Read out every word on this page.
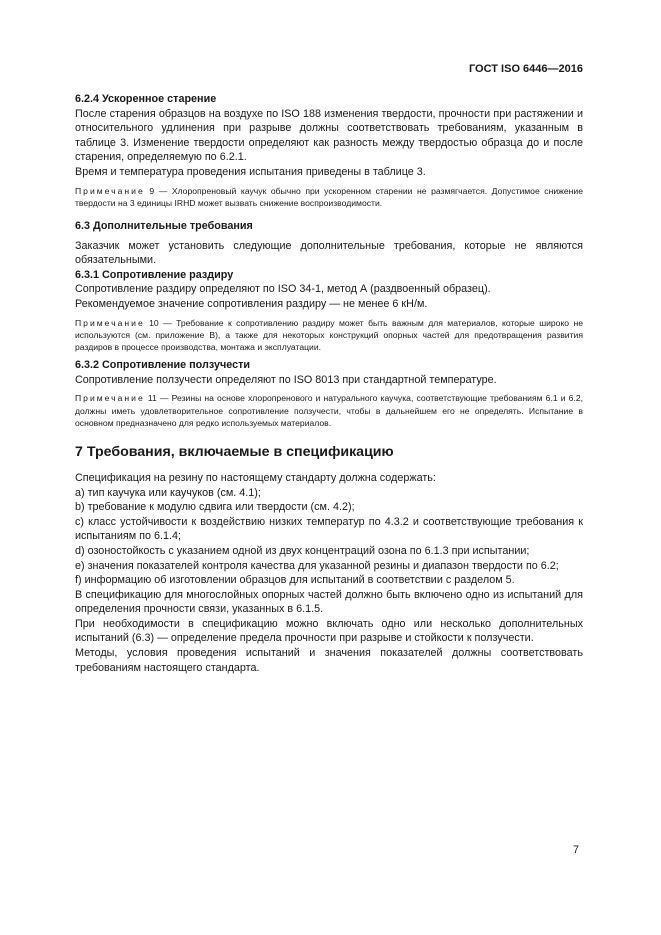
ГОСТ ISO 6446—2016

6.2.4 Ускоренное старение

После старения образцов на воздухе по ISO 188 изменения твердости, прочности при растяжении и относительного удлинения при разрыве должны соответствовать требованиям, указанным в таблице 3. Изменение твердости определяют как разность между твердостью образца до и после старения, определяемую по 6.2.1.

Время и температура проведения испытания приведены в таблице 3.

Примечание 9 — Хлоропреновый каучук обычно при ускоренном старении не размягчается. Допустимое снижение твердости на 3 единицы IRHD может вызвать снижение воспроизводимости.

6.3 Дополнительные требования

Заказчик может установить следующие дополнительные требования, которые не являются обязательными.

6.3.1 Сопротивление раздиру

Сопротивление раздиру определяют по ISO 34-1, метод А (раздвоенный образец).

Рекомендуемое значение сопротивления раздиру — не менее 6 кН/м.

Примечание 10 — Требование к сопротивлению раздиру может быть важным для материалов, которые широко не используются (см. приложение В), а также для некоторых конструкций опорных частей для предотвращения развития раздиров в процессе производства, монтажа и эксплуатации.

6.3.2 Сопротивление ползучести

Сопротивление ползучести определяют по ISO 8013 при стандартной температуре.

Примечание 11 — Резины на основе хлоропренового и натурального каучука, соответствующие требованиям 6.1 и 6.2, должны иметь удовлетворительное сопротивление ползучести, чтобы в дальнейшем его не определять. Испытание в основном предназначено для редко используемых материалов.

7 Требования, включаемые в спецификацию

Спецификация на резину по настоящему стандарту должна содержать:

a) тип каучука или каучуков (см. 4.1);

b) требование к модулю сдвига или твердости (см. 4.2);

c) класс устойчивости к воздействию низких температур по 4.3.2 и соответствующие требования к испытаниям по 6.1.4;

d) озоностойкость с указанием одной из двух концентраций озона по 6.1.3 при испытании;

e) значения показателей контроля качества для указанной резины и диапазон твердости по 6.2;

f) информацию об изготовлении образцов для испытаний в соответствии с разделом 5.

В спецификацию для многослойных опорных частей должно быть включено одно из испытаний для определения прочности связи, указанных в 6.1.5.

При необходимости в спецификацию можно включать одно или несколько дополнительных испытаний (6.3) — определение предела прочности при разрыве и стойкости к ползучести.

Методы, условия проведения испытаний и значения показателей должны соответствовать требованиям настоящего стандарта.

7
